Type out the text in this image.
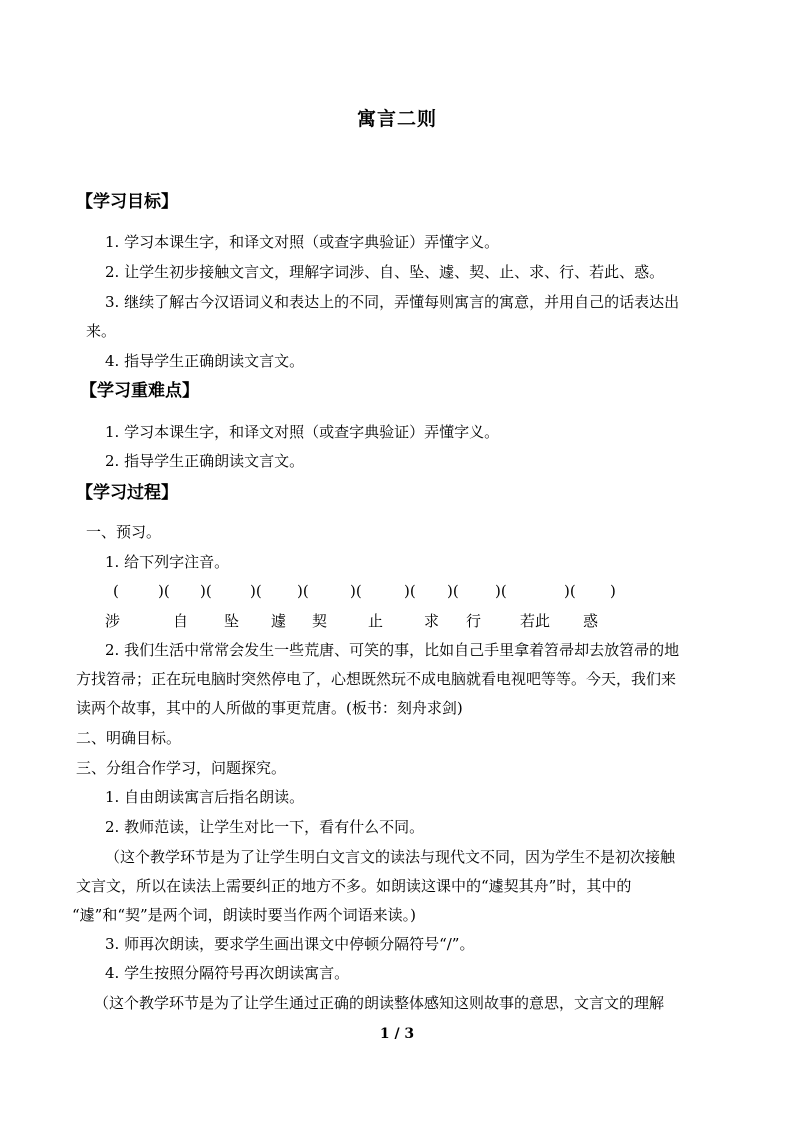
寓言二则
【学习目标】
1. 学习本课生字，和译文对照（或查字典验证）弄懂字义。
2. 让学生初步接触文言文，理解字词涉、自、坠、遽、契、止、求、行、若此、惑。
3. 继续了解古今汉语词义和表达上的不同，弄懂每则寓言的寓意，并用自己的话表达出
来。
4. 指导学生正确朗读文言文。
【学习重难点】
1. 学习本课生字，和译文对照（或查字典验证）弄懂字义。
2. 指导学生正确朗读文言文。
【学习过程】
一、预习。
1. 给下列字注音。
(	)( )(	)( )(	)(	)( )( )(	)( )
涉	自 坠 遽 契	止	求 行	若此 惑
2. 我们生活中常常会发生一些荒唐、可笑的事，比如自己手里拿着笤帚却去放笤帚的地
方找笤帚；正在玩电脑时突然停电了，心想既然玩不成电脑就看电视吧等等。今天，我们来
读两个故事，其中的人所做的事更荒唐。(板书：刻舟求剑)
二、明确目标。
三、分组合作学习，问题探究。
1. 自由朗读寓言后指名朗读。
2. 教师范读，让学生对比一下，看有什么不同。
（这个教学环节是为了让学生明白文言文的读法与现代文不同，因为学生不是初次接触
文言文，所以在读法上需要纠正的地方不多。如朗读这课中的“遽契其舟”时，其中的
“遽”和“契”是两个词，朗读时要当作两个词语来读。)
3. 师再次朗读，要求学生画出课文中停顿分隔符号“/”。
4. 学生按照分隔符号再次朗读寓言。
（这个教学环节是为了让学生通过正确的朗读整体感知这则故事的意思，文言文的理解
1 / 3
